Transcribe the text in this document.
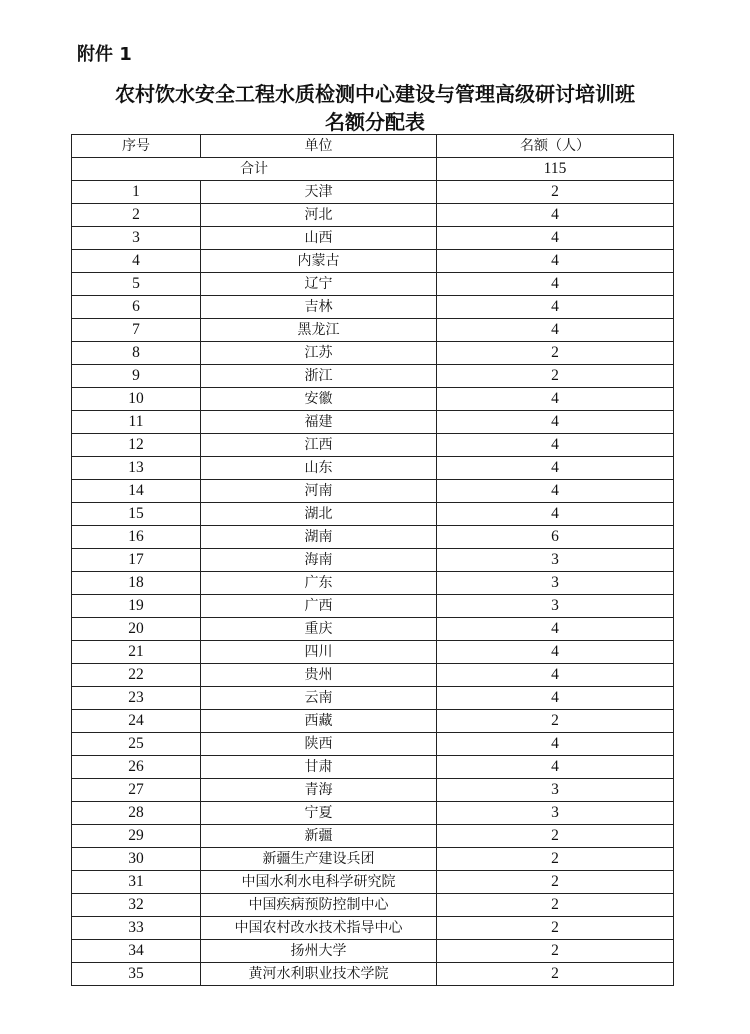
附件 1
农村饮水安全工程水质检测中心建设与管理高级研讨培训班
名额分配表
序号	单位	名额（人）
合计		115
1	天津	2
2	河北	4
3	山西	4
4	内蒙古	4
5	辽宁	4
6	吉林	4
7	黑龙江	4
8	江苏	2
9	浙江	2
10	安徽	4
11	福建	4
12	江西	4
13	山东	4
14	河南	4
15	湖北	4
16	湖南	6
17	海南	3
18	广东	3
19	广西	3
20	重庆	4
21	四川	4
22	贵州	4
23	云南	4
24	西藏	2
25	陕西	4
26	甘肃	4
27	青海	3
28	宁夏	3
29	新疆	2
30	新疆生产建设兵团	2
31	中国水利水电科学研究院	2
32	中国疾病预防控制中心	2
33	中国农村改水技术指导中心	2
34	扬州大学	2
35	黄河水利职业技术学院	2
